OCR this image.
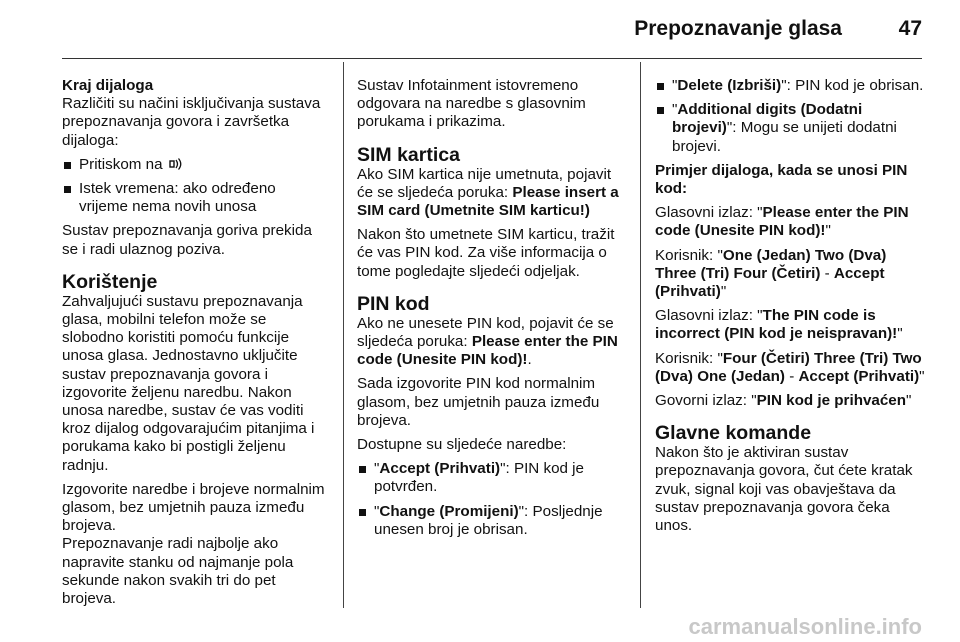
Prepoznavanje glasa	47

Kraj dijaloga

Različiti su načini isključivanja sustava prepoznavanja govora i završetka dijaloga:

Pritiskom na
Istek vremena: ako određeno vrijeme nema novih unosa

Sustav prepoznavanja goriva prekida se i radi ulaznog poziva.

Korištenje

Zahvaljujući sustavu prepoznavanja glasa, mobilni telefon može se slobodno koristiti pomoću funkcije unosa glasa. Jednostavno uključite sustav prepoznavanja govora i izgovorite željenu naredbu. Nakon unosa naredbe, sustav će vas voditi kroz dijalog odgovarajućim pitanjima i porukama kako bi postigli željenu radnju.

Izgovorite naredbe i brojeve normalnim glasom, bez umjetnih pauza između brojeva.

Prepoznavanje radi najbolje ako napravite stanku od najmanje pola sekunde nakon svakih tri do pet brojeva.

Sustav Infotainment istovremeno odgovara na naredbe s glasovnim porukama i prikazima.

SIM kartica

Ako SIM kartica nije umetnuta, pojavit će se sljedeća poruka: Please insert a SIM card (Umetnite SIM karticu!)

Nakon što umetnete SIM karticu, tražit će vas PIN kod. Za više informacija o tome pogledajte sljedeći odjeljak.

PIN kod

Ako ne unesete PIN kod, pojavit će se sljedeća poruka: Please enter the PIN code (Unesite PIN kod)!.

Sada izgovorite PIN kod normalnim glasom, bez umjetnih pauza između brojeva.

Dostupne su sljedeće naredbe:

"Accept (Prihvati)": PIN kod je potvrđen.
"Change (Promijeni)": Posljednje unesen broj je obrisan.
"Delete (Izbriši)": PIN kod je obrisan.
"Additional digits (Dodatni brojevi)": Mogu se unijeti dodatni brojevi.

Primjer dijaloga, kada se unosi PIN kod:

Glasovni izlaz: "Please enter the PIN code (Unesite PIN kod)!"

Korisnik: "One (Jedan) Two (Dva) Three (Tri) Four (Četiri) - Accept (Prihvati)"

Glasovni izlaz: "The PIN code is incorrect (PIN kod je neispravan)!"

Korisnik: "Four (Četiri) Three (Tri) Two (Dva) One (Jedan) - Accept (Prihvati)"

Govorni izlaz: "PIN kod je prihvaćen"

Glavne komande

Nakon što je aktiviran sustav prepoznavanja govora, čut ćete kratak zvuk, signal koji vas obavještava da sustav prepoznavanja govora čeka unos.

carmanualsonline.info
